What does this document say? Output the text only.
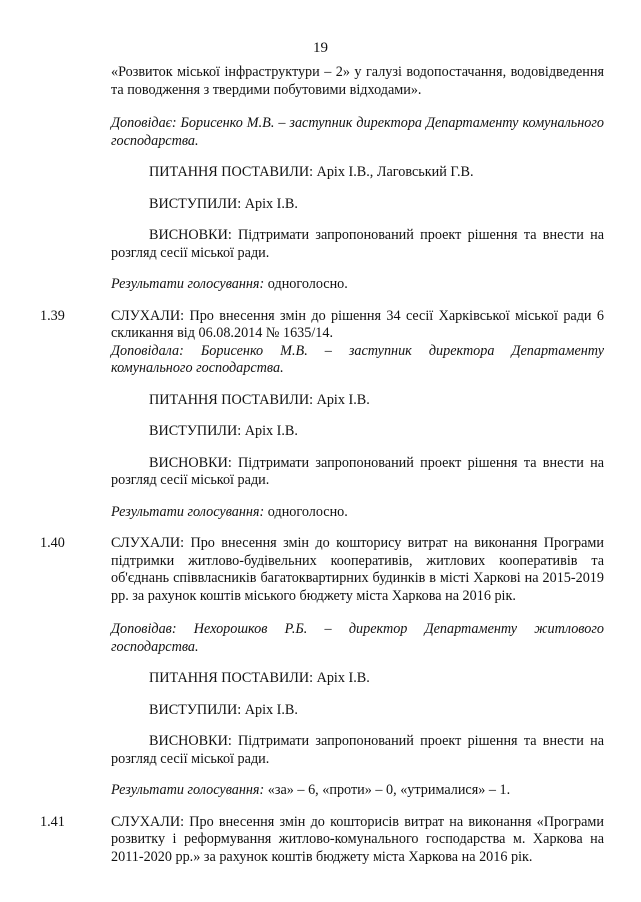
19

«Розвиток міської інфраструктури – 2» у галузі водопостачання, водовідведення та поводження з твердими побутовими відходами».

Доповідає: Борисенко М.В. – заступник директора Департаменту комунального господарства.

ПИТАННЯ ПОСТАВИЛИ: Аріх І.В., Лаговський Г.В.

ВИСТУПИЛИ: Аріх І.В.

ВИСНОВКИ: Підтримати запропонований проект рішення та внести на розгляд сесії міської ради.

Результати голосування: одноголосно.

1.39	СЛУХАЛИ: Про внесення змін до рішення 34 сесії Харківської міської ради 6 скликання від 06.08.2014 № 1635/14.

Доповідала: Борисенко М.В. – заступник директора Департаменту комунального господарства.

ПИТАННЯ ПОСТАВИЛИ: Аріх І.В.

ВИСТУПИЛИ: Аріх І.В.

ВИСНОВКИ: Підтримати запропонований проект рішення та внести на розгляд сесії міської ради.

Результати голосування: одноголосно.

1.40	СЛУХАЛИ: Про внесення змін до кошторису витрат на виконання Програми підтримки житлово-будівельних кооперативів, житлових кооперативів та об'єднань співвласників багатоквартирних будинків в місті Харкові на 2015-2019 рр. за рахунок коштів міського бюджету міста Харкова на 2016 рік.

Доповідав: Нехорошков Р.Б. – директор Департаменту житлового господарства.

ПИТАННЯ ПОСТАВИЛИ: Аріх І.В.

ВИСТУПИЛИ: Аріх І.В.

ВИСНОВКИ: Підтримати запропонований проект рішення та внести на розгляд сесії міської ради.

Результати голосування: «за» – 6, «проти» – 0, «утрималися» – 1.

1.41	СЛУХАЛИ: Про внесення змін до кошторисів витрат на виконання «Програми розвитку і реформування житлово-комунального господарства м. Харкова на 2011-2020 рр.» за рахунок коштів бюджету міста Харкова на 2016 рік.
